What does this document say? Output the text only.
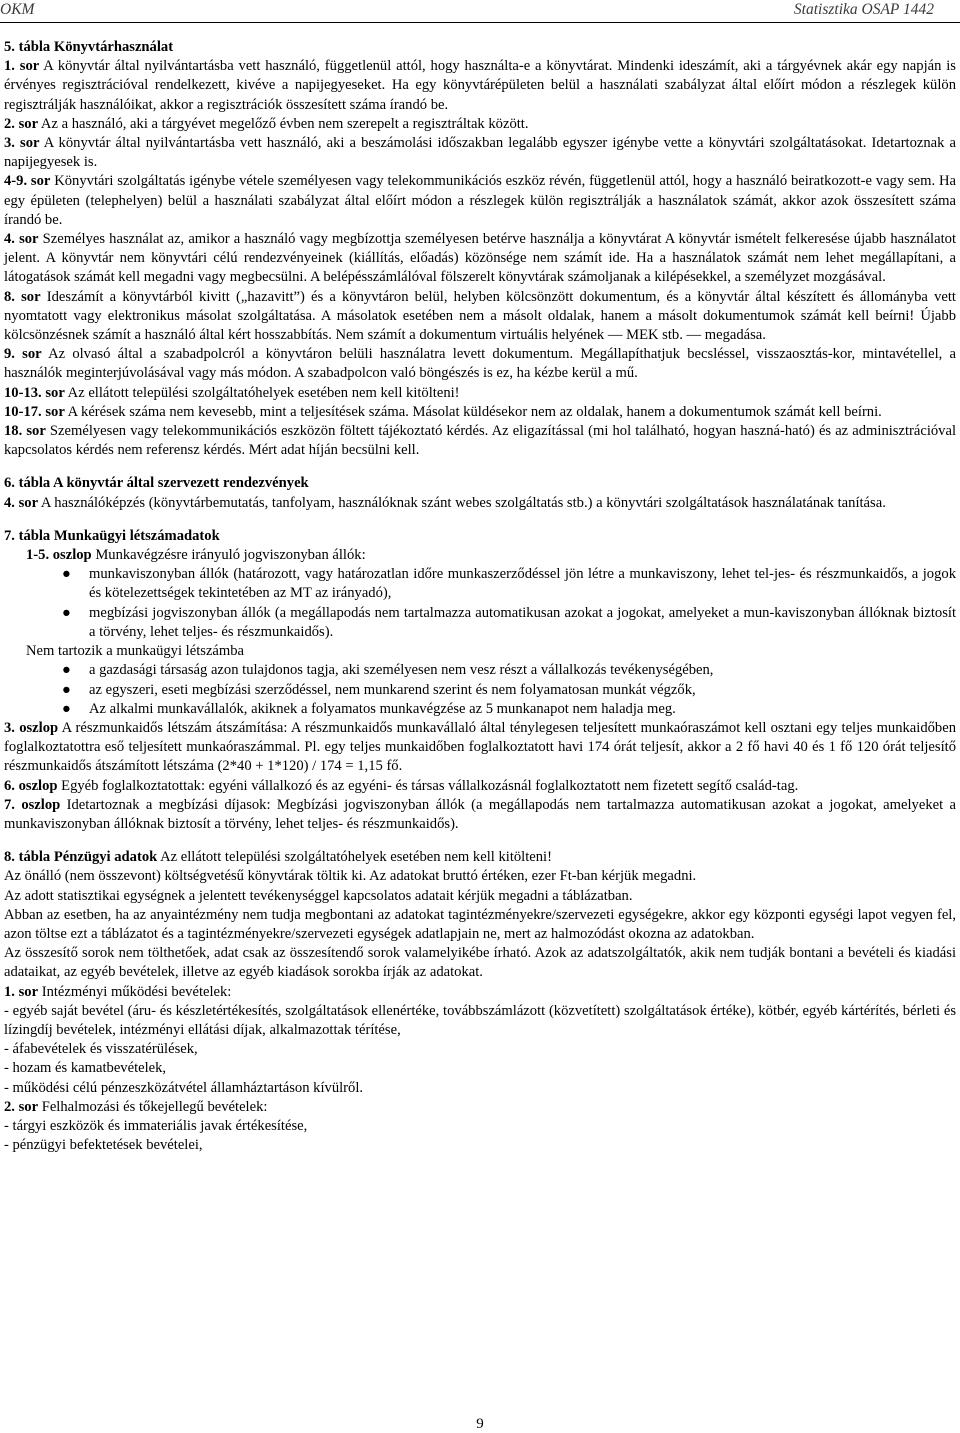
OKM	Statisztika OSAP 1442

5. tábla Könyvtárhasználat

1. sor A könyvtár által nyilvántartásba vett használó, függetlenül attól, hogy használta-e a könyvtárat. Mindenki ideszámít, aki a tárgyévnek akár egy napján is érvényes regisztrációval rendelkezett, kivéve a napijegyeseket. Ha egy könyvtárépületen belül a használati szabályzat által előírt módon a részlegek külön regisztrálják használóikat, akkor a regisztrációk összesített száma írandó be.

2. sor Az a használó, aki a tárgyévet megelőző évben nem szerepelt a regisztráltak között.

3. sor A könyvtár által nyilvántartásba vett használó, aki a beszámolási időszakban legalább egyszer igénybe vette a könyvtári szolgáltatásokat. Idetartoznak a napijegyesek is.

4-9. sor Könyvtári szolgáltatás igénybe vétele személyesen vagy telekommunikációs eszköz révén, függetlenül attól, hogy a használó beiratkozott-e vagy sem. Ha egy épületen (telephelyen) belül a használati szabályzat által előírt módon a részlegek külön regisztrálják a használatok számát, akkor azok összesített száma írandó be.

4. sor Személyes használat az, amikor a használó vagy megbízottja személyesen betérve használja a könyvtárat A könyvtár ismételt felkeresése újabb használatot jelent. A könyvtár nem könyvtári célú rendezvényeinek (kiállítás, előadás) közönsége nem számít ide. Ha a használatok számát nem lehet megállapítani, a látogatások számát kell megadni vagy megbecsülni. A belépésszámlálóval fölszerelt könyvtárak számoljanak a kilépésekkel, a személyzet mozgásával.

8. sor Ideszámít a könyvtárból kivitt („hazavitt”) és a könyvtáron belül, helyben kölcsönzött dokumentum, és a könyvtár által készített és állományba vett nyomtatott vagy elektronikus másolat szolgáltatása. A másolatok esetében nem a másolt oldalak, hanem a másolt dokumentumok számát kell beírni! Újabb kölcsönzésnek számít a használó által kért hosszabbítás. Nem számít a dokumentum virtuális helyének — MEK stb. — megadása.

9. sor Az olvasó által a szabadpolcról a könyvtáron belüli használatra levett dokumentum. Megállapíthatjuk becsléssel, visszaosztás-kor, mintavétellel, a használók meginterjúvolásával vagy más módon. A szabadpolcon való böngészés is ez, ha kézbe kerül a mű.

10-13. sor Az ellátott települési szolgáltatóhelyek esetében nem kell kitölteni!

10-17. sor A kérések száma nem kevesebb, mint a teljesítések száma. Másolat küldésekor nem az oldalak, hanem a dokumentumok számát kell beírni.

18. sor Személyesen vagy telekommunikációs eszközön föltett tájékoztató kérdés. Az eligazítással (mi hol található, hogyan haszná-ható) és az adminisztrációval kapcsolatos kérdés nem referensz kérdés. Mért adat híján becsülni kell.

6. tábla A könyvtár által szervezett rendezvények

4. sor A használóképzés (könyvtárbemutatás, tanfolyam, használóknak szánt webes szolgáltatás stb.) a könyvtári szolgáltatások használatának tanítása.

7. tábla Munkaügyi létszámadatok

1-5. oszlop Munkavégzésre irányuló jogviszonyban állók:

● munkaviszonyban állók (határozott, vagy határozatlan időre munkaszerződéssel jön létre a munkaviszony, lehet tel-jes- és részmunkaidős, a jogok és kötelezettségek tekintetében az MT az irányadó),
● megbízási jogviszonyban állók (a megállapodás nem tartalmazza automatikusan azokat a jogokat, amelyeket a mun-kaviszonyban állóknak biztosít a törvény, lehet teljes- és részmunkaidős).

Nem tartozik a munkaügyi létszámba

● a gazdasági társaság azon tulajdonos tagja, aki személyesen nem vesz részt a vállalkozás tevékenységében,
● az egyszeri, eseti megbízási szerződéssel, nem munkarend szerint és nem folyamatosan munkát végzők,
● Az alkalmi munkavállalók, akiknek a folyamatos munkavégzése az 5 munkanapot nem haladja meg.

3. oszlop A részmunkaidős létszám átszámítása: A részmunkaidős munkavállaló által ténylegesen teljesített munkaóraszámot kell osztani egy teljes munkaidőben foglalkoztatottra eső teljesített munkaóraszámmal. Pl. egy teljes munkaidőben foglalkoztatott havi 174 órát teljesít, akkor a 2 fő havi 40 és 1 fő 120 órát teljesítő részmunkaidős átszámított létszáma (2*40 + 1*120) / 174 = 1,15 fő.

6. oszlop Egyéb foglalkoztatottak: egyéni vállalkozó és az egyéni- és társas vállalkozásnál foglalkoztatott nem fizetett segítő család-tag.

7. oszlop Idetartoznak a megbízási díjasok: Megbízási jogviszonyban állók (a megállapodás nem tartalmazza automatikusan azokat a jogokat, amelyeket a munkaviszonyban állóknak biztosít a törvény, lehet teljes- és részmunkaidős).

8. tábla Pénzügyi adatok Az ellátott települési szolgáltatóhelyek esetében nem kell kitölteni!

Az önálló (nem összevont) költségvetésű könyvtárak töltik ki. Az adatokat bruttó értéken, ezer Ft-ban kérjük megadni.

Az adott statisztikai egységnek a jelentett tevékenységgel kapcsolatos adatait kérjük megadni a táblázatban.

Abban az esetben, ha az anyaintézmény nem tudja megbontani az adatokat tagintézményekre/szervezeti egységekre, akkor egy központi egységi lapot vegyen fel, azon töltse ezt a táblázatot és a tagintézményekre/szervezeti egységek adatlapjain ne, mert az halmozódást okozna az adatokban.

Az összesítő sorok nem tölthetőek, adat csak az összesítendő sorok valamelyikébe írható. Azok az adatszolgáltatók, akik nem tudják bontani a bevételi és kiadási adataikat, az egyéb bevételek, illetve az egyéb kiadások sorokba írják az adatokat.

1. sor Intézményi működési bevételek:

- egyéb saját bevétel (áru- és készletértékesítés, szolgáltatások ellenértéke, továbbszámlázott (közvetített) szolgáltatások értéke), kötbér, egyéb kártérítés, bérleti és lízingdíj bevételek, intézményi ellátási díjak, alkalmazottak térítése,

- áfabevételek és visszatérülések,

- hozam és kamatbevételek,

- működési célú pénzeszközátvétel államháztartáson kívülről.

2. sor Felhalmozási és tőkejellegű bevételek:

- tárgyi eszközök és immateriális javak értékesítése,

- pénzügyi befektetések bevételei,

9
